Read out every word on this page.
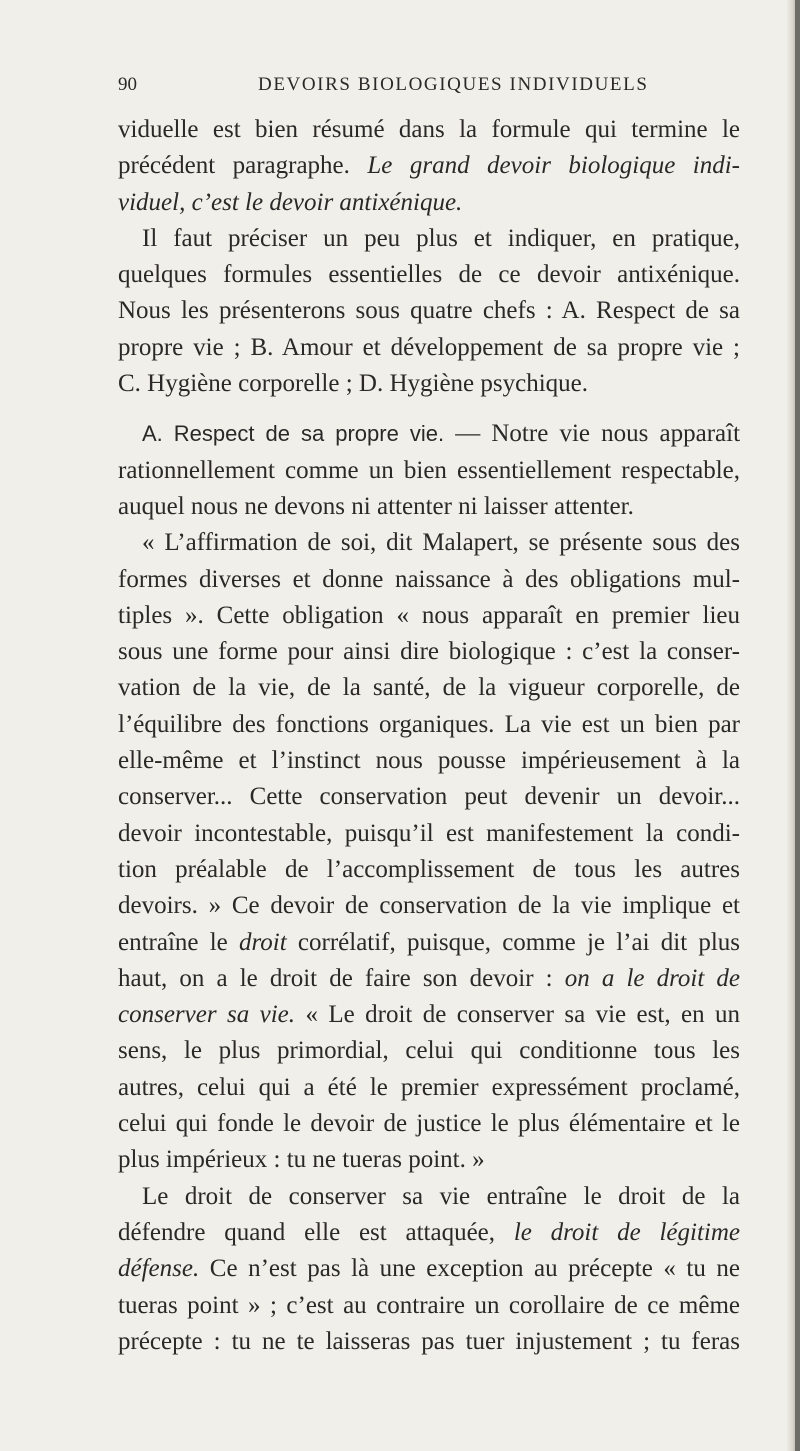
90	DEVOIRS BIOLOGIQUES INDIVIDUELS
viduelle est bien résumé dans la formule qui termine le
précédent paragraphe. Le grand devoir biologique indi-
viduel, c’est le devoir antixénique.
Il faut préciser un peu plus et indiquer, en pratique,
quelques formules essentielles de ce devoir antixénique.
Nous les présenterons sous quatre chefs : A. Respect de sa
propre vie ; B. Amour et développement de sa propre vie ;
C. Hygiène corporelle ; D. Hygiène psychique.
A. Respect de sa propre vie. — Notre vie nous apparaît
rationnellement comme un bien essentiellement respectable,
auquel nous ne devons ni attenter ni laisser attenter.
« L’affirmation de soi, dit Malapert, se présente sous des
formes diverses et donne naissance à des obligations mul-
tiples ». Cette obligation « nous apparaît en premier lieu
sous une forme pour ainsi dire biologique : c’est la conser-
vation de la vie, de la santé, de la vigueur corporelle, de
l’équilibre des fonctions organiques. La vie est un bien par
elle-même et l’instinct nous pousse impérieusement à la
conserver... Cette conservation peut devenir un devoir...
devoir incontestable, puisqu’il est manifestement la condi-
tion préalable de l’accomplissement de tous les autres
devoirs. » Ce devoir de conservation de la vie implique et
entraîne le droit corrélatif, puisque, comme je l’ai dit plus
haut, on a le droit de faire son devoir : on a le droit de
conserver sa vie. « Le droit de conserver sa vie est, en un
sens, le plus primordial, celui qui conditionne tous les
autres, celui qui a été le premier expressément proclamé,
celui qui fonde le devoir de justice le plus élémentaire et le
plus impérieux : tu ne tueras point. »
Le droit de conserver sa vie entraîne le droit de la
défendre quand elle est attaquée, le droit de légitime
défense. Ce n’est pas là une exception au précepte « tu ne
tueras point » ; c’est au contraire un corollaire de ce même
précepte : tu ne te laisseras pas tuer injustement ; tu feras
